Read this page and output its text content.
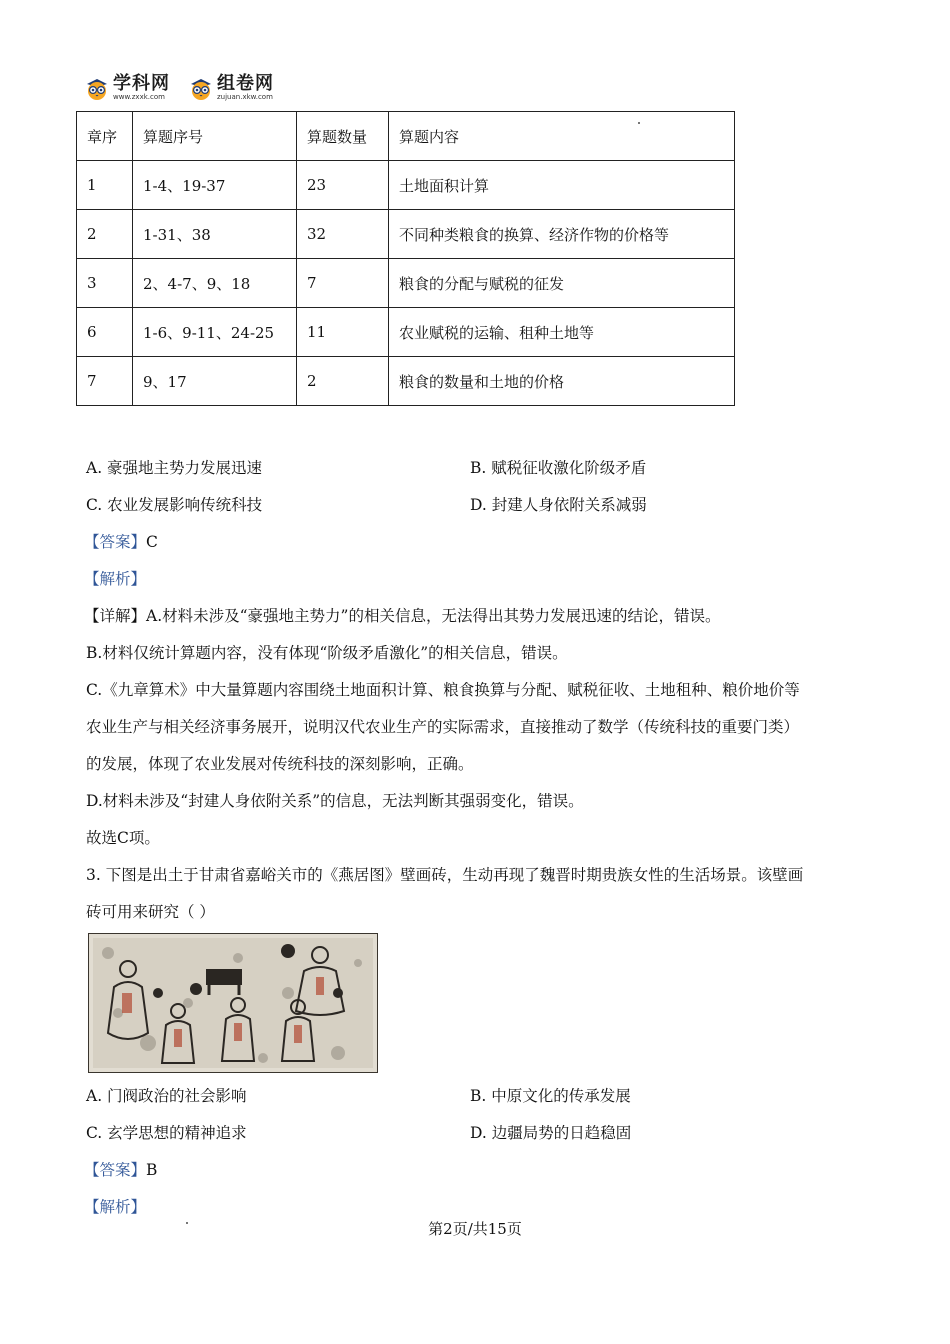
学科网
www.zxxk.com
组卷网
zujuan.xkw.com
章序	算题序号	算题数量	算题内容
1	1-4、19-37	23	土地面积计算
2	1-31、38	32	不同种类粮食的换算、经济作物的价格等
3	2、4-7、9、18	7	粮食的分配与赋税的征发
6	1-6、9-11、24-25	11	农业赋税的运输、租种土地等
7	9、17	2	粮食的数量和土地的价格
A. 豪强地主势力发展迅速	B. 赋税征收激化阶级矛盾
C. 农业发展影响传统科技	D. 封建人身依附关系减弱
【答案】C
【解析】
【详解】A.材料未涉及“豪强地主势力”的相关信息，无法得出其势力发展迅速的结论，错误。
B.材料仅统计算题内容，没有体现“阶级矛盾激化”的相关信息，错误。
C.《九章算术》中大量算题内容围绕土地面积计算、粮食换算与分配、赋税征收、土地租种、粮价地价等
农业生产与相关经济事务展开，说明汉代农业生产的实际需求，直接推动了数学（传统科技的重要门类）
的发展，体现了农业发展对传统科技的深刻影响，正确。
D.材料未涉及“封建人身依附关系”的信息，无法判断其强弱变化，错误。
故选C项。
3. 下图是出土于甘肃省嘉峪关市的《燕居图》壁画砖，生动再现了魏晋时期贵族女性的生活场景。该壁画
砖可用来研究（ ）
A. 门阀政治的社会影响	B. 中原文化的传承发展
C. 玄学思想的精神追求	D. 边疆局势的日趋稳固
【答案】B
【解析】
第2页/共15页
